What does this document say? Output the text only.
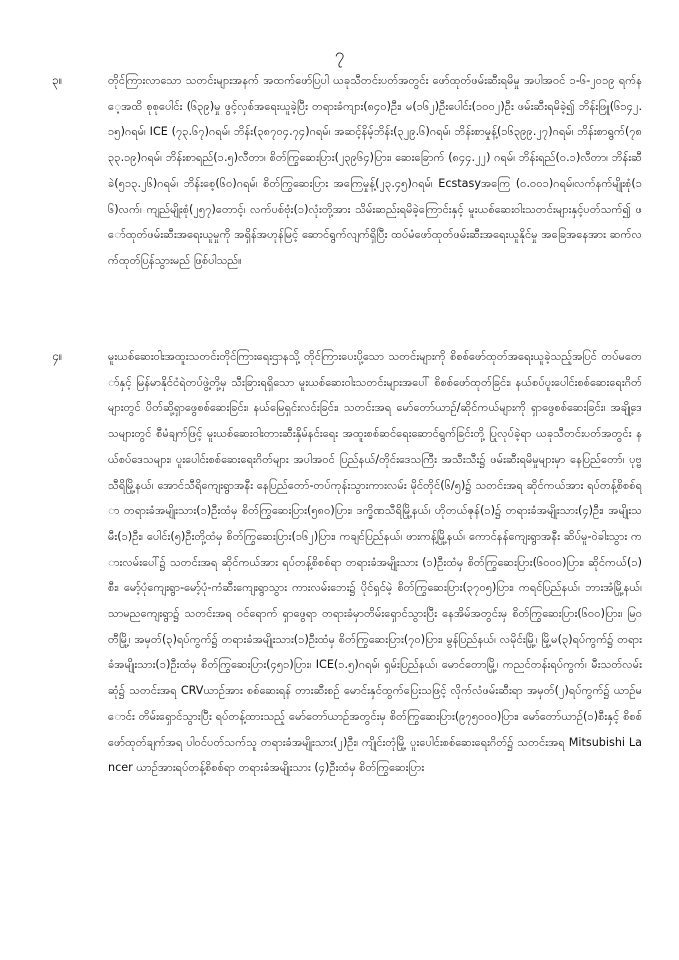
၇
၃။	တိုင်ကြားလာသော သတင်းများအနက် အထက်ဖော်ပြပါ ယခုသီတင်းပတ်အတွင်း ဖော်ထုတ်ဖမ်းဆီးရမိမှု အပါအဝင် ၁-၆-၂၀၁၉ ရက်နေ့အထိ စုစုပေါင်း (၆၃၉)မှု ဖွင့်လှစ်အရေးယူခဲ့ပြီး တရားခံကျား(၈၄၀)ဦး၊ မ(၁၆၂)ဦးပေါင်း(၁၀၀၂)ဦး ဖမ်းဆီးရမိခဲ့၍ ဘိန်းဖြူ(၆၁၄၂.၁၅)ဂရမ်၊ ICE (၇၃.၆၇)ဂရမ်၊ ဘိန်း(၃၈၇၀၄.၇၄)ဂရမ်၊ အဆင့်နိမ့်ဘိန်း(၃၂၉.၆)ဂရမ်၊ ဘိန်းစာမှုန့်(၁၆၃၉၉.၂၇)ဂရမ်၊ ဘိန်းစာရွက်(၇၈၃၃.၁၉)ဂရမ်၊ ဘိန်းစာရည်(၁.၅)လီတာ၊ စိတ်ကြွဆေးပြား(၂၃၉၆၄)ပြား၊ ဆေးခြောက် (၈၄၄.၂၂) ဂရမ်၊ ဘိန်းရည်(၀.၁)လီတာ၊ ဘိန်းဆီခဲ(၅၁၃.၂၆)ဂရမ်၊ ဘိန်းစေ့(၆၀)ဂရမ်၊ စိတ်ကြွဆေးပြား အကြေမှုန့်(၂၃.၄၅)ဂရမ်၊ Ecstasyအကြေ (၀.၀၀၁)ဂရမ်၊လက်နက်မျိုးစုံ(၁၆)လက်၊ ကျည်မျိုးစုံ(၂၅၇)တောင့်၊ လက်ပစ်ဗုံး(၁)လုံးတို့အား သိမ်းဆည်းရမိခဲ့ကြောင်းနှင့် မူးယစ်ဆေးဝါးသတင်းများနှင့်ပတ်သက်၍ ဖော်ထုတ်ဖမ်းဆီးအရေးယူမှုကို အရှိန်အဟုန်မြင့် ဆောင်ရွက်လျက်ရှိပြီး ထပ်မံဖော်ထုတ်ဖမ်းဆီးအရေးယူနိုင်မှု အခြေအနေအား ဆက်လက်ထုတ်ပြန်သွားမည် ဖြစ်ပါသည်။

၄။	မူးယစ်ဆေးဝါးအထူးသတင်းတိုင်ကြားရေးဌာနသို့ တိုင်ကြားပေးပို့သော သတင်းများကို စိစစ်ဖော်ထုတ်အရေးယူခဲ့သည့်အပြင် တပ်မတော်နှင့် မြန်မာနိုင်ငံရဲတပ်ဖွဲ့တို့မှ သီးခြားရရှိသော မူးယစ်ဆေးဝါးသတင်းများအပေါ် စိစစ်ဖော်ထုတ်ခြင်း၊ နယ်စပ်ပူးပေါင်းစစ်ဆေးရေးဂိတ်များတွင် ပိတ်ဆို့ရှာဖွေစစ်ဆေးခြင်း၊ နယ်မြေရှင်းလင်းခြင်း၊ သတင်းအရ မော်တော်ယာဉ်/ဆိုင်ကယ်များကို ရှာဖွေစစ်ဆေးခြင်း၊ အချို့ဒေသများတွင် စီမံချက်ဖြင့် မူးယစ်ဆေးဝါးတားဆီးနှိမ်နင်းရေး အထူးစစ်ဆင်ရေးဆောင်ရွက်ခြင်းတို့ ပြုလုပ်ခဲ့ရာ ယခုသီတင်းပတ်အတွင်း နယ်စပ်ဒေသများ၊ ပူးပေါင်းစစ်ဆေးရေးဂိတ်များ အပါအဝင် ပြည်နယ်/တိုင်းဒေသကြီး အသီးသီး၌ ဖမ်းဆီးရမိမှုများမှာ နေပြည်တော်၊ ပုဗ္ဗသီရိမြို့နယ်၊ အောင်သီရိကျေးရွာအနီး နေပြည်တော်-တပ်ကုန်းသွားကားလမ်း မိုင်တိုင်(၆/၅)၌ သတင်းအရ ဆိုင်ကယ်အား ရပ်တန့်စိစစ်ရာ တရားခံအမျိုးသား(၁)ဦးထံမှ စိတ်ကြွဆေးပြား(၅၈၀)ပြား၊ ဒက္ခိဏသီရိမြို့နယ်၊ ဟိုတယ်ဇုန်(၁)၌ တရားခံအမျိုးသား(၄)ဦး၊ အမျိုးသမီး(၁)ဦး၊ ပေါင်း(၅)ဦးတို့ထံမှ စိတ်ကြွဆေးပြား(၁၆၂)ပြား၊ ကချင်ပြည်နယ်၊ ဖားကန့်မြို့နယ်၊ ကောင်နန်ကျေးရွာအနီး ဆိပ်မူ-ဝဲခါးသွား ကားလမ်းပေါ်၌ သတင်းအရ ဆိုင်ကယ်အား ရပ်တန့်စိစစ်ရာ တရားခံအမျိုးသား (၁)ဦးထံမှ စိတ်ကြွဆေးပြား(၆၀၀၀)ပြား၊ ဆိုင်ကယ်(၁)စီး၊ မော့်ပုံကျေးရွာ-မော့်ပုံ-ကံဆီးကျေးရွာသွား ကားလမ်းဘေး၌ ပိုင်ရှင်မဲ့ စိတ်ကြွဆေးပြား(၃၇၀၅)ပြား၊ ကရင်ပြည်နယ်၊ ဘားအံမြို့နယ်၊ သာမညကျေးရွာ၌ သတင်းအရ ဝင်ရောက် ရှာဖွေရာ တရားခံမှာတိမ်းရှောင်သွားပြီး နေအိမ်အတွင်းမှ စိတ်ကြွဆေးပြား(၆၀၀)ပြား၊ မြဝတီမြို့၊ အမှတ်(၃)ရပ်ကွက်၌ တရားခံအမျိုးသား(၁)ဦးထံမှ စိတ်ကြွဆေးပြား(၇၀)ပြား၊ မွန်ပြည်နယ်၊ လမိုင်းမြို့၊ မြို့မ(၃)ရပ်ကွက်၌ တရားခံအမျိုးသား(၁)ဦးထံမှ စိတ်ကြွဆေးပြား(၄၅၁)ပြား၊ ICE(၁.၅)ဂရမ်၊ ရှမ်းပြည်နယ်၊ မောင်တောမြို့၊ ကညင်တန်းရပ်ကွက်၊ မီးသတ်လမ်းဆုံ၌ သတင်းအရ CRVယာဉ်အား စစ်ဆေးရန် တားဆီးစဉ် မောင်းနှင်ထွက်ပြေးသဖြင့် လိုက်လံဖမ်းဆီးရာ အမှတ်(၂)ရပ်ကွက်၌ ယာဉ်မောင်း တိမ်းရှောင်သွားပြီး ရပ်တန့်ထားသည့် မော်တော်ယာဉ်အတွင်းမှ စိတ်ကြွဆေးပြား(၉၇၅၀၀၀)ပြား၊ မော်တော်ယာဉ်(၁)စီးနှင့် စိစစ်ဖော်ထုတ်ချက်အရ ပါဝင်ပတ်သက်သူ တရားခံအမျိုးသား(၂)ဦး၊ ကျိုင်းတုံမြို့ ပူးပေါင်းစစ်ဆေးရေးဂိတ်၌ သတင်းအရ Mitsubishi Lancer ယာဉ်အားရပ်တန့်စိစစ်ရာ တရားခံအမျိုးသား (၄)ဦးထံမှ စိတ်ကြွဆေးပြား
